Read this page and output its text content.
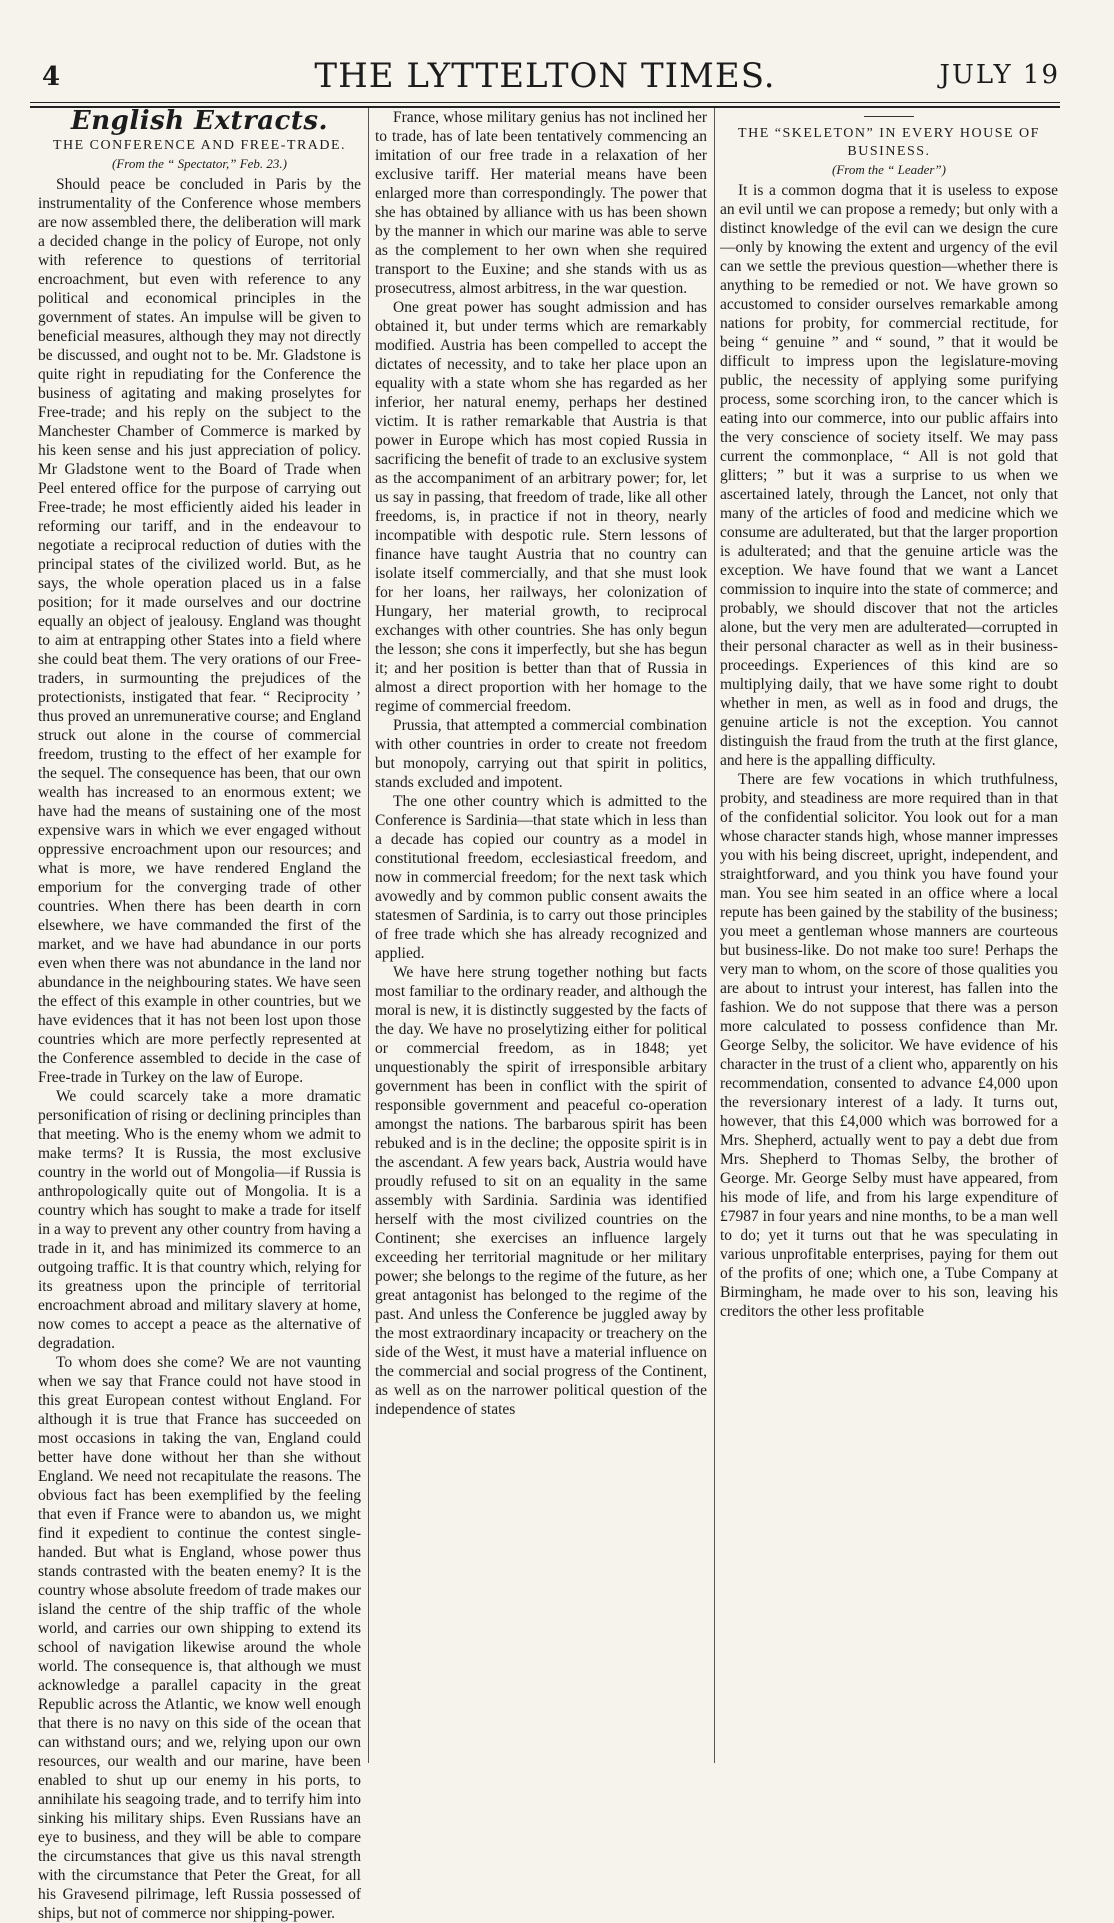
4	THE LYTTELTON TIMES.	JULY 19
English Extracts.
THE CONFERENCE AND FREE-TRADE.
(From the “ Spectator,” Feb. 23.)

Should peace be concluded in Paris by the instrumentality of the Conference whose members are now assembled there, the deliberation will mark a decided change in the policy of Europe, not only with reference to questions of territorial encroachment, but even with reference to any political and economical principles in the government of states. An impulse will be given to beneficial measures, although they may not directly be discussed, and ought not to be. Mr. Gladstone is quite right in repudiating for the Conference the business of agitating and making proselytes for Free-trade; and his reply on the subject to the Manchester Chamber of Commerce is marked by his keen sense and his just appreciation of policy. Mr Gladstone went to the Board of Trade when Peel entered office for the purpose of carrying out Free-trade; he most efficiently aided his leader in reforming our tariff, and in the endeavour to negotiate a reciprocal reduction of duties with the principal states of the civilized world. But, as he says, the whole operation placed us in a false position; for it made ourselves and our doctrine equally an object of jealousy. England was thought to aim at entrapping other States into a field where she could beat them. The very orations of our Free-traders, in surmounting the prejudices of the protectionists, instigated that fear. “ Reciprocity ’ thus proved an unremunerative course; and England struck out alone in the course of commercial freedom, trusting to the effect of her example for the sequel. The consequence has been, that our own wealth has increased to an enormous extent; we have had the means of sustaining one of the most expensive wars in which we ever engaged without oppressive encroachment upon our resources; and what is more, we have rendered England the emporium for the converging trade of other countries. When there has been dearth in corn elsewhere, we have commanded the first of the market, and we have had abundance in our ports even when there was not abundance in the land nor abundance in the neighbouring states. We have seen the effect of this example in other countries, but we have evidences that it has not been lost upon those countries which are more perfectly represented at the Conference assembled to decide in the case of Free-trade in Turkey on the law of Europe.

We could scarcely take a more dramatic personification of rising or declining principles than that meeting. Who is the enemy whom we admit to make terms? It is Russia, the most exclusive country in the world out of Mongolia—if Russia is anthropologically quite out of Mongolia. It is a country which has sought to make a trade for itself in a way to prevent any other country from having a trade in it, and has minimized its commerce to an outgoing traffic. It is that country which, relying for its greatness upon the principle of territorial encroachment abroad and military slavery at home, now comes to accept a peace as the alternative of degradation.

To whom does she come? We are not vaunting when we say that France could not have stood in this great European contest without England. For although it is true that France has succeeded on most occasions in taking the van, England could better have done without her than she without England. We need not recapitulate the reasons. The obvious fact has been exemplified by the feeling that even if France were to abandon us, we might find it expedient to continue the contest single-handed. But what is England, whose power thus stands contrasted with the beaten enemy? It is the country whose absolute freedom of trade makes our island the centre of the ship traffic of the whole world, and carries our own shipping to extend its school of navigation likewise around the whole world. The consequence is, that although we must acknowledge a parallel capacity in the great Republic across the Atlantic, we know well enough that there is no navy on this side of the ocean that can withstand ours; and we, relying upon our own resources, our wealth and our marine, have been enabled to shut up our enemy in his ports, to annihilate his seagoing trade, and to terrify him into sinking his military ships. Even Russians have an eye to business, and they will be able to compare the circumstances that give us this naval strength with the circumstance that Peter the Great, for all his Gravesend pilrimage, left Russia possessed of ships, but not of commerce nor shipping-power.

France, whose military genius has not inclined her to trade, has of late been tentatively commencing an imitation of our free trade in a relaxation of her exclusive tariff. Her material means have been enlarged more than correspondingly. The power that she has obtained by alliance with us has been shown by the manner in which our marine was able to serve as the complement to her own when she required transport to the Euxine; and she stands with us as prosecutress, almost arbitress, in the war question.

One great power has sought admission and has obtained it, but under terms which are remarkably modified. Austria has been compelled to accept the dictates of necessity, and to take her place upon an equality with a state whom she has regarded as her inferior, her natural enemy, perhaps her destined victim. It is rather remarkable that Austria is that power in Europe which has most copied Russia in sacrificing the benefit of trade to an exclusive system as the accompaniment of an arbitrary power; for, let us say in passing, that freedom of trade, like all other freedoms, is, in practice if not in theory, nearly incompatible with despotic rule. Stern lessons of finance have taught Austria that no country can isolate itself commercially, and that she must look for her loans, her railways, her colonization of Hungary, her material growth, to reciprocal exchanges with other countries. She has only begun the lesson; she cons it imperfectly, but she has begun it; and her position is better than that of Russia in almost a direct proportion with her homage to the regime of commercial freedom.

Prussia, that attempted a commercial combination with other countries in order to create not freedom but monopoly, carrying out that spirit in politics, stands excluded and impotent.

The one other country which is admitted to the Conference is Sardinia—that state which in less than a decade has copied our country as a model in constitutional freedom, ecclesiastical freedom, and now in commercial freedom; for the next task which avowedly and by common public consent awaits the statesmen of Sardinia, is to carry out those principles of free trade which she has already recognized and applied.

We have here strung together nothing but facts most familiar to the ordinary reader, and although the moral is new, it is distinctly suggested by the facts of the day. We have no proselytizing either for political or commercial freedom, as in 1848; yet unquestionably the spirit of irresponsible arbitary government has been in conflict with the spirit of responsible government and peaceful co-operation amongst the nations. The barbarous spirit has been rebuked and is in the decline; the opposite spirit is in the ascendant. A few years back, Austria would have proudly refused to sit on an equality in the same assembly with Sardinia. Sardinia was identified herself with the most civilized countries on the Continent; she exercises an influence largely exceeding her territorial magnitude or her military power; she belongs to the regime of the future, as her great antagonist has belonged to the regime of the past. And unless the Conference be juggled away by the most extraordinary incapacity or treachery on the side of the West, it must have a material influence on the commercial and social progress of the Continent, as well as on the narrower political question of the independence of states

THE “SKELETON” IN EVERY HOUSE OF BUSINESS.
(From the “ Leader”)

It is a common dogma that it is useless to expose an evil until we can propose a remedy; but only with a distinct knowledge of the evil can we design the cure—only by knowing the extent and urgency of the evil can we settle the previous question—whether there is anything to be remedied or not. We have grown so accustomed to consider ourselves remarkable among nations for probity, for commercial rectitude, for being “ genuine ” and “ sound, ” that it would be difficult to impress upon the legislature-moving public, the necessity of applying some purifying process, some scorching iron, to the cancer which is eating into our commerce, into our public affairs into the very conscience of society itself. We may pass current the commonplace, “ All is not gold that glitters; ” but it was a surprise to us when we ascertained lately, through the Lancet, not only that many of the articles of food and medicine which we consume are adulterated, but that the larger proportion is adulterated; and that the genuine article was the exception. We have found that we want a Lancet commission to inquire into the state of commerce; and probably, we should discover that not the articles alone, but the very men are adulterated—corrupted in their personal character as well as in their business-proceedings. Experiences of this kind are so multiplying daily, that we have some right to doubt whether in men, as well as in food and drugs, the genuine article is not the exception. You cannot distinguish the fraud from the truth at the first glance, and here is the appalling difficulty.

There are few vocations in which truthfulness, probity, and steadiness are more required than in that of the confidential solicitor. You look out for a man whose character stands high, whose manner impresses you with his being discreet, upright, independent, and straightforward, and you think you have found your man. You see him seated in an office where a local repute has been gained by the stability of the business; you meet a gentleman whose manners are courteous but business-like. Do not make too sure! Perhaps the very man to whom, on the score of those qualities you are about to intrust your interest, has fallen into the fashion. We do not suppose that there was a person more calculated to possess confidence than Mr. George Selby, the solicitor. We have evidence of his character in the trust of a client who, apparently on his recommendation, consented to advance £4,000 upon the reversionary interest of a lady. It turns out, however, that this £4,000 which was borrowed for a Mrs. Shepherd, actually went to pay a debt due from Mrs. Shepherd to Thomas Selby, the brother of George. Mr. George Selby must have appeared, from his mode of life, and from his large expenditure of £7987 in four years and nine months, to be a man well to do; yet it turns out that he was speculating in various unprofitable enterprises, paying for them out of the profits of one; which one, a Tube Company at Birmingham, he made over to his son, leaving his creditors the other less profitable
